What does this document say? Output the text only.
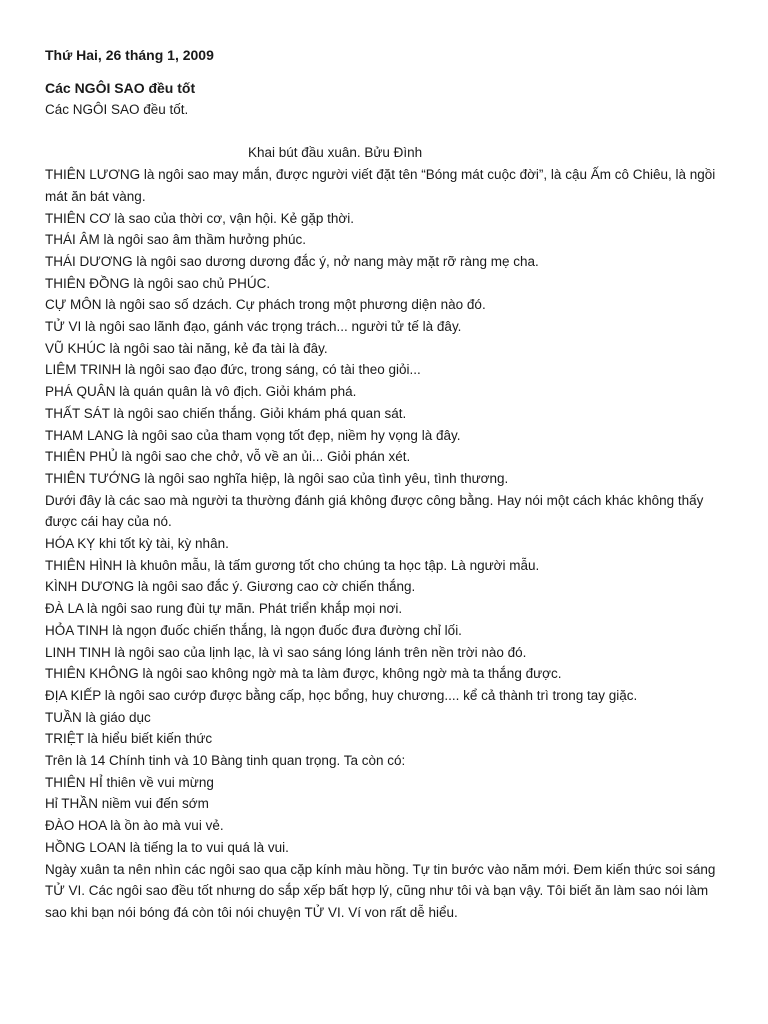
Thứ Hai, 26 tháng 1, 2009
Các NGÔI SAO đều tốt
Các NGÔI SAO đều tốt.
Khai bút đầu xuân. Bửu Đình

THIÊN LƯƠNG là ngôi sao may mắn, được người viết đặt tên “Bóng mát cuộc đời”, là cậu Ấm cô Chiêu, là ngồi mát ăn bát vàng.

THIÊN CƠ là sao của thời cơ, vận hội. Kẻ gặp thời.

THÁI ÂM là ngôi sao âm thầm hưởng phúc.

THÁI DƯƠNG là ngôi sao dương dương đắc ý, nở nang mày mặt rỡ ràng mẹ cha.

THIÊN ĐỒNG là ngôi sao chủ PHÚC.

CỰ MÔN là ngôi sao số dzách. Cự phách trong một phương diện nào đó.

TỬ VI là ngôi sao lãnh đạo, gánh vác trọng trách... người tử tế là đây.

VŨ KHÚC là ngôi sao tài năng, kẻ đa tài là đây.

LIÊM TRINH là ngôi sao đạo đức, trong sáng, có tài theo giỏi...

PHÁ QUÂN là quán quân là vô địch. Giỏi khám phá.

THẤT SÁT là ngôi sao chiến thắng. Giỏi khám phá quan sát.

THAM LANG là ngôi sao của tham vọng tốt đẹp, niềm hy vọng là đây.

THIÊN PHỦ là ngôi sao che chở, vỗ về an ủi... Giỏi phán xét.

THIÊN TƯỚNG là ngôi sao nghĩa hiệp, là ngôi sao của tình yêu, tình thương.

Dưới đây là các sao mà người ta thường đánh giá không được công bằng. Hay nói một cách khác không thấy được cái hay của nó.

HÓA KỴ khi tốt kỳ tài, kỳ nhân.

THIÊN HÌNH là khuôn mẫu, là tấm gương tốt cho chúng ta học tập. Là người mẫu.

KÌNH DƯƠNG là ngôi sao đắc ý. Giương cao cờ chiến thắng.

ĐÀ LA là ngôi sao rung đùi tự mãn. Phát triển khắp mọi nơi.

HỎA TINH là ngọn đuốc chiến thắng, là ngọn đuốc đưa đường chỉ lối.

LINH TINH là ngôi sao của lịnh lạc, là vì sao sáng lóng lánh trên nền trời nào đó.

THIÊN KHÔNG là ngôi sao không ngờ mà ta làm được, không ngờ mà ta thắng được.

ĐỊA KIẾP là ngôi sao cướp được bằng cấp, học bổng, huy chương.... kể cả thành trì trong tay giặc.

TUẦN là giáo dục

TRIỆT là hiểu biết kiến thức

Trên là 14 Chính tinh và 10 Bàng tinh quan trọng. Ta còn có:

THIÊN HỈ thiên về vui mừng

Hỉ THẦN niềm vui đến sớm

ĐÀO HOA là ồn ào mà vui vẻ.

HỒNG LOAN là tiếng la to vui quá là vui.

Ngày xuân ta nên nhìn các ngôi sao qua cặp kính màu hồng. Tự tin bước vào năm mới. Đem kiến thức soi sáng TỬ VI. Các ngôi sao đều tốt nhưng do sắp xếp bất hợp lý, cũng như tôi và bạn vậy. Tôi biết ăn làm sao nói làm sao khi bạn nói bóng đá còn tôi nói chuyện TỬ VI. Ví von rất dễ hiểu.
